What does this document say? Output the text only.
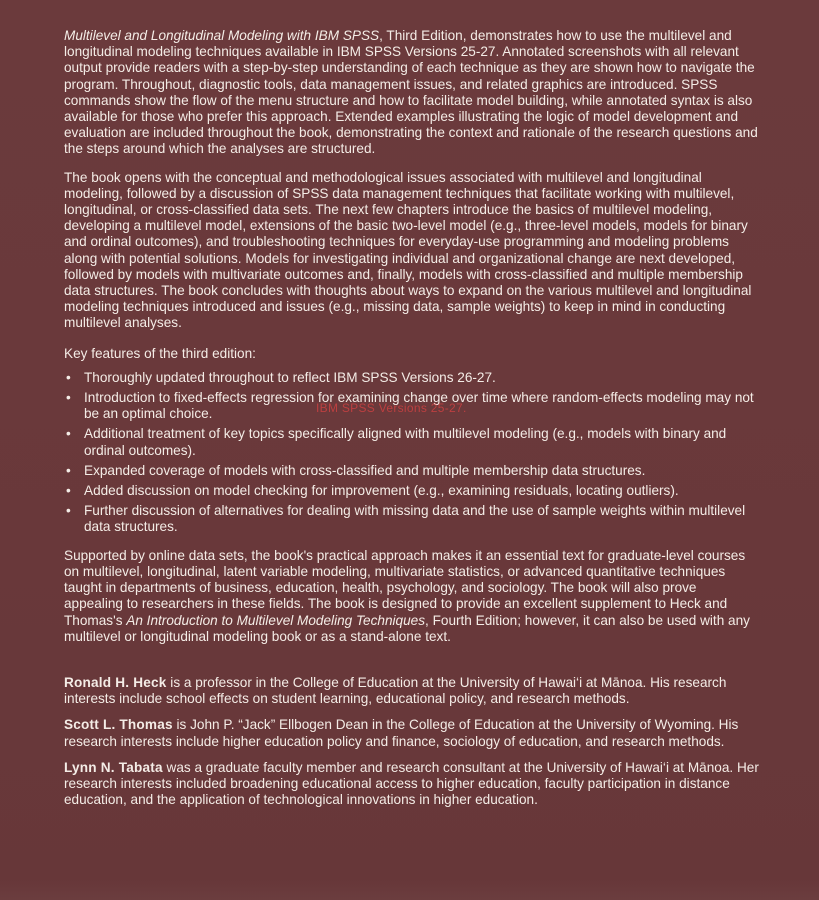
Multilevel and Longitudinal Modeling with IBM SPSS, Third Edition, demonstrates how to use the multilevel and longitudinal modeling techniques available in IBM SPSS Versions 25-27. Annotated screenshots with all relevant output provide readers with a step-by-step understanding of each technique as they are shown how to navigate the program. Throughout, diagnostic tools, data management issues, and related graphics are introduced. SPSS commands show the flow of the menu structure and how to facilitate model building, while annotated syntax is also available for those who prefer this approach. Extended examples illustrating the logic of model development and evaluation are included throughout the book, demonstrating the context and rationale of the research questions and the steps around which the analyses are structured.

The book opens with the conceptual and methodological issues associated with multilevel and longitudinal modeling, followed by a discussion of SPSS data management techniques that facilitate working with multilevel, longitudinal, or cross-classified data sets. The next few chapters introduce the basics of multilevel modeling, developing a multilevel model, extensions of the basic two-level model (e.g., three-level models, models for binary and ordinal outcomes), and troubleshooting techniques for everyday-use programming and modeling problems along with potential solutions. Models for investigating individual and organizational change are next developed, followed by models with multivariate outcomes and, finally, models with cross-classified and multiple membership data structures. The book concludes with thoughts about ways to expand on the various multilevel and longitudinal modeling techniques introduced and issues (e.g., missing data, sample weights) to keep in mind in conducting multilevel analyses.

Key features of the third edition:

• Thoroughly updated throughout to reflect IBM SPSS Versions 26-27.
• Introduction to fixed-effects regression for examining change over time where random-effects modeling may not be an optimal choice.
• Additional treatment of key topics specifically aligned with multilevel modeling (e.g., models with binary and ordinal outcomes).
• Expanded coverage of models with cross-classified and multiple membership data structures.
• Added discussion on model checking for improvement (e.g., examining residuals, locating outliers).
• Further discussion of alternatives for dealing with missing data and the use of sample weights within multilevel data structures.

Supported by online data sets, the book's practical approach makes it an essential text for graduate-level courses on multilevel, longitudinal, latent variable modeling, multivariate statistics, or advanced quantitative techniques taught in departments of business, education, health, psychology, and sociology. The book will also prove appealing to researchers in these fields. The book is designed to provide an excellent supplement to Heck and Thomas's An Introduction to Multilevel Modeling Techniques, Fourth Edition; however, it can also be used with any multilevel or longitudinal modeling book or as a stand-alone text.

Ronald H. Heck is a professor in the College of Education at the University of Hawai‘i at Mānoa. His research interests include school effects on student learning, educational policy, and research methods.

Scott L. Thomas is John P. “Jack” Ellbogen Dean in the College of Education at the University of Wyoming. His research interests include higher education policy and finance, sociology of education, and research methods.

Lynn N. Tabata was a graduate faculty member and research consultant at the University of Hawai‘i at Mānoa. Her research interests included broadening educational access to higher education, faculty participation in distance education, and the application of technological innovations in higher education.

IBM SPSS Versions 25-27.
